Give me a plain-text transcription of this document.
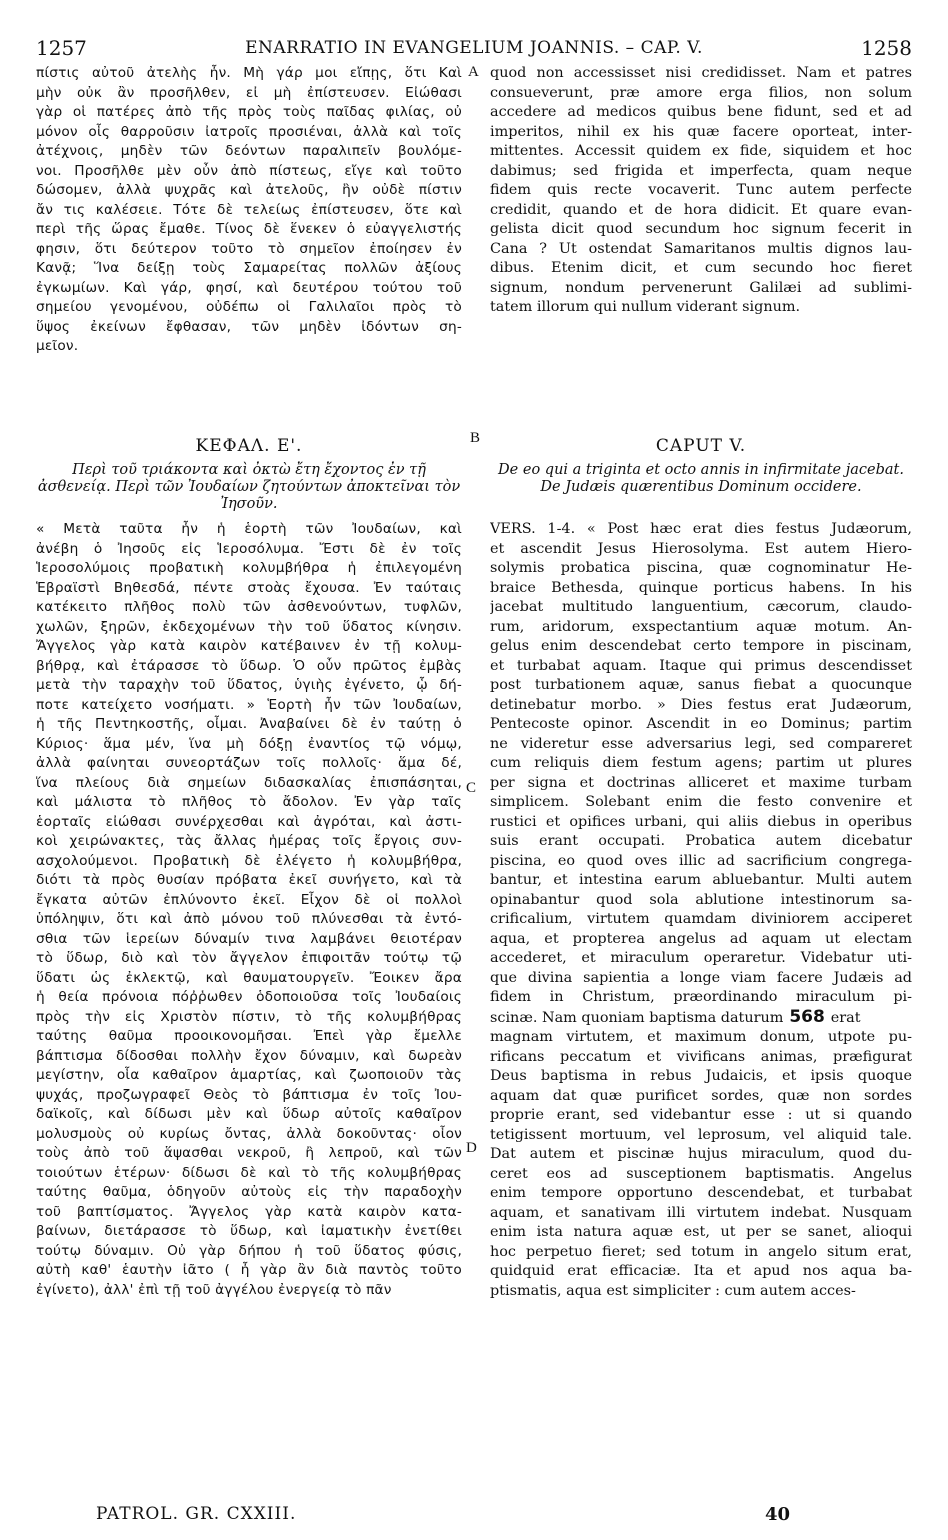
1257	ENARRATIO IN EVANGELIUM JOANNIS. – CAP. V.	1258
A
B
C
D

πίστις αὐτοῦ ἀτελὴς ἦν. Μὴ γάρ μοι εἴπῃς, ὅτι Καὶ

μὴν οὐκ ἂν προσῆλθεν, εἰ μὴ ἐπίστευσεν. Εἰώθασι

γὰρ οἱ πατέρες ἀπὸ τῆς πρὸς τοὺς παῖδας φιλίας, οὐ

μόνον οἷς θαρροῦσιν ἰατροῖς προσιέναι, ἀλλὰ καὶ τοῖς

ἀτέχνοις, μηδὲν τῶν δεόντων παραλιπεῖν βουλόμε-

νοι. Προσῆλθε μὲν οὖν ἀπὸ πίστεως, εἴγε καὶ τοῦτο

δώσομεν, ἀλλὰ ψυχρᾶς καὶ ἀτελοῦς, ἣν οὐδὲ πίστιν

ἄν τις καλέσειε. Τότε δὲ τελείως ἐπίστευσεν, ὅτε καὶ

περὶ τῆς ὥρας ἔμαθε. Τίνος δὲ ἕνεκεν ὁ εὐαγγελιστής

φησιν, ὅτι δεύτερον τοῦτο τὸ σημεῖον ἐποίησεν ἐν

Κανᾷ; Ἵνα δείξῃ τοὺς Σαμαρείτας πολλῶν ἀξίους

ἐγκωμίων. Καὶ γάρ, φησί, καὶ δευτέρου τούτου τοῦ

σημείου γενομένου, οὐδέπω οἱ Γαλιλαῖοι πρὸς τὸ

ὕψος ἐκείνων ἔφθασαν, τῶν μηδὲν ἰδόντων ση-

μεῖον.

quod non accessisset nisi credidisset. Nam et patres

consueverunt, præ amore erga filios, non solum

accedere ad medicos quibus bene fidunt, sed et ad

imperitos, nihil ex his quæ facere oporteat, inter-

mittentes. Accessit quidem ex fide, siquidem et hoc

dabimus; sed frigida et imperfecta, quam neque

fidem quis recte vocaverit. Tunc autem perfecte

credidit, quando et de hora didicit. Et quare evan-

gelista dicit quod secundum hoc signum fecerit in

Cana ? Ut ostendat Samaritanos multis dignos lau-

dibus. Etenim dicit, et cum secundo hoc fieret

signum, nondum pervenerunt Galilæi ad sublimi-

tatem illorum qui nullum viderant signum.

ΚΕΦΑΛ. Ε'.
Περὶ τοῦ τριάκοντα καὶ ὀκτὼ ἔτη ἔχοντος ἐν τῇ ἀσθενείᾳ. Περὶ τῶν Ἰουδαίων ζητούντων ἀποκτεῖναι τὸν Ἰησοῦν.
CAPUT V.
De eo qui a triginta et octo annis in infirmitate jacebat. De Judæis quærentibus Dominum occidere.

« Μετὰ ταῦτα ἦν ἡ ἑορτὴ τῶν Ἰουδαίων, καὶ

ἀνέβη ὁ Ἰησοῦς εἰς Ἱεροσόλυμα. Ἔστι δὲ ἐν τοῖς

Ἱεροσολύμοις προβατικὴ κολυμβήθρα ἡ ἐπιλεγομένη

Ἑβραϊστὶ Βηθεσδά, πέντε στοὰς ἔχουσα. Ἐν ταύταις

κατέκειτο πλῆθος πολὺ τῶν ἀσθενούντων, τυφλῶν,

χωλῶν, ξηρῶν, ἐκδεχομένων τὴν τοῦ ὕδατος κίνησιν.

Ἄγγελος γὰρ κατὰ καιρὸν κατέβαινεν ἐν τῇ κολυμ-

βήθρᾳ, καὶ ἐτάρασσε τὸ ὕδωρ. Ὁ οὖν πρῶτος ἐμβὰς

μετὰ τὴν ταραχὴν τοῦ ὕδατος, ὑγιὴς ἐγένετο, ᾧ δή-

ποτε κατείχετο νοσήματι. » Ἑορτὴ ἦν τῶν Ἰουδαίων,

ἡ τῆς Πεντηκοστῆς, οἶμαι. Ἀναβαίνει δὲ ἐν ταύτῃ ὁ

Κύριος· ἅμα μέν, ἵνα μὴ δόξῃ ἐναντίος τῷ νόμῳ,

ἀλλὰ φαίνηται συνεορτάζων τοῖς πολλοῖς· ἅμα δέ,

ἵνα πλείους διὰ σημείων διδασκαλίας ἐπισπάσηται,

καὶ μάλιστα τὸ πλῆθος τὸ ἄδολον. Ἐν γὰρ ταῖς

ἑορταῖς εἰώθασι συνέρχεσθαι καὶ ἀγρόται, καὶ ἀστι-

κοὶ χειρώνακτες, τὰς ἄλλας ἡμέρας τοῖς ἔργοις συν-

ασχολούμενοι. Προβατικὴ δὲ ἐλέγετο ἡ κολυμβήθρα,

διότι τὰ πρὸς θυσίαν πρόβατα ἐκεῖ συνήγετο, καὶ τὰ

ἔγκατα αὐτῶν ἐπλύνοντο ἐκεῖ. Εἶχον δὲ οἱ πολλοὶ

ὑπόληψιν, ὅτι καὶ ἀπὸ μόνου τοῦ πλύνεσθαι τὰ ἐντό-

σθια τῶν ἱερείων δύναμίν τινα λαμβάνει θειοτέραν

τὸ ὕδωρ, διὸ καὶ τὸν ἄγγελον ἐπιφοιτᾶν τούτῳ τῷ

ὕδατι ὡς ἐκλεκτῷ, καὶ θαυματουργεῖν. Ἔοικεν ἄρα

ἡ θεία πρόνοια πόῤῥωθεν ὁδοποιοῦσα τοῖς Ἰουδαίοις

πρὸς τὴν εἰς Χριστὸν πίστιν, τὸ τῆς κολυμβήθρας

ταύτης θαῦμα προοικονομῆσαι. Ἐπεὶ γὰρ ἔμελλε

βάπτισμα δίδοσθαι πολλὴν ἔχον δύναμιν, καὶ δωρεὰν

μεγίστην, οἷα καθαῖρον ἁμαρτίας, καὶ ζωοποιοῦν τὰς

ψυχάς, προζωγραφεῖ Θεὸς τὸ βάπτισμα ἐν τοῖς Ἰου-

δαϊκοῖς, καὶ δίδωσι μὲν καὶ ὕδωρ αὐτοῖς καθαῖρον

μολυσμοὺς οὐ κυρίως ὄντας, ἀλλὰ δοκοῦντας· οἷον

τοὺς ἀπὸ τοῦ ἅψασθαι νεκροῦ, ἢ λεπροῦ, καὶ τῶν

τοιούτων ἑτέρων· δίδωσι δὲ καὶ τὸ τῆς κολυμβήθρας

ταύτης θαῦμα, ὁδηγοῦν αὐτοὺς εἰς τὴν παραδοχὴν

τοῦ βαπτίσματος. Ἄγγελος γὰρ κατὰ καιρὸν κατα-

βαίνων, διετάρασσε τὸ ὕδωρ, καὶ ἰαματικὴν ἐνετίθει

τούτῳ δύναμιν. Οὐ γὰρ δήπου ἡ τοῦ ὕδατος φύσις,

αὐτὴ καθ' ἑαυτὴν ἰᾶτο ( ἦ γὰρ ἂν διὰ παντὸς τοῦτο

ἐγίνετο), ἀλλ' ἐπὶ τῇ τοῦ ἀγγέλου ἐνεργείᾳ τὸ πᾶν

VERS. 1-4. « Post hæc erat dies festus Judæorum,

et ascendit Jesus Hierosolyma. Est autem Hiero-

solymis probatica piscina, quæ cognominatur He-

braice Bethesda, quinque porticus habens. In his

jacebat multitudo languentium, cæcorum, claudo-

rum, aridorum, exspectantium aquæ motum. An-

gelus enim descendebat certo tempore in piscinam,

et turbabat aquam. Itaque qui primus descendisset

post turbationem aquæ, sanus fiebat a quocunque

detinebatur morbo. » Dies festus erat Judæorum,

Pentecoste opinor. Ascendit in eo Dominus; partim

ne videretur esse adversarius legi, sed compareret

cum reliquis diem festum agens; partim ut plures

per signa et doctrinas alliceret et maxime turbam

simplicem. Solebant enim die festo convenire et

rustici et opifices urbani, qui aliis diebus in operibus

suis erant occupati. Probatica autem dicebatur

piscina, eo quod oves illic ad sacrificium congrega-

bantur, et intestina earum abluebantur. Multi autem

opinabantur quod sola ablutione intestinorum sa-

crificalium, virtutem quamdam diviniorem acciperet

aqua, et propterea angelus ad aquam ut electam

accederet, et miraculum operaretur. Videbatur uti-

que divina sapientia a longe viam facere Judæis ad

fidem in Christum, præordinando miraculum pi-

scinæ. Nam quoniam baptisma daturum 568 erat

magnam virtutem, et maximum donum, utpote pu-

rificans peccatum et vivificans animas, præfigurat

Deus baptisma in rebus Judaicis, et ipsis quoque

aquam dat quæ purificet sordes, quæ non sordes

proprie erant, sed videbantur esse : ut si quando

tetigissent mortuum, vel leprosum, vel aliquid tale.

Dat autem et piscinæ hujus miraculum, quod du-

ceret eos ad susceptionem baptismatis. Angelus

enim tempore opportuno descendebat, et turbabat

aquam, et sanativam illi virtutem indebat. Nusquam

enim ista natura aquæ est, ut per se sanet, alioqui

hoc perpetuo fieret; sed totum in angelo situm erat,

quidquid erat efficaciæ. Ita et apud nos aqua ba-

ptismatis, aqua est simpliciter : cum autem acces-

PATROL. GR. CXXIII.	40
